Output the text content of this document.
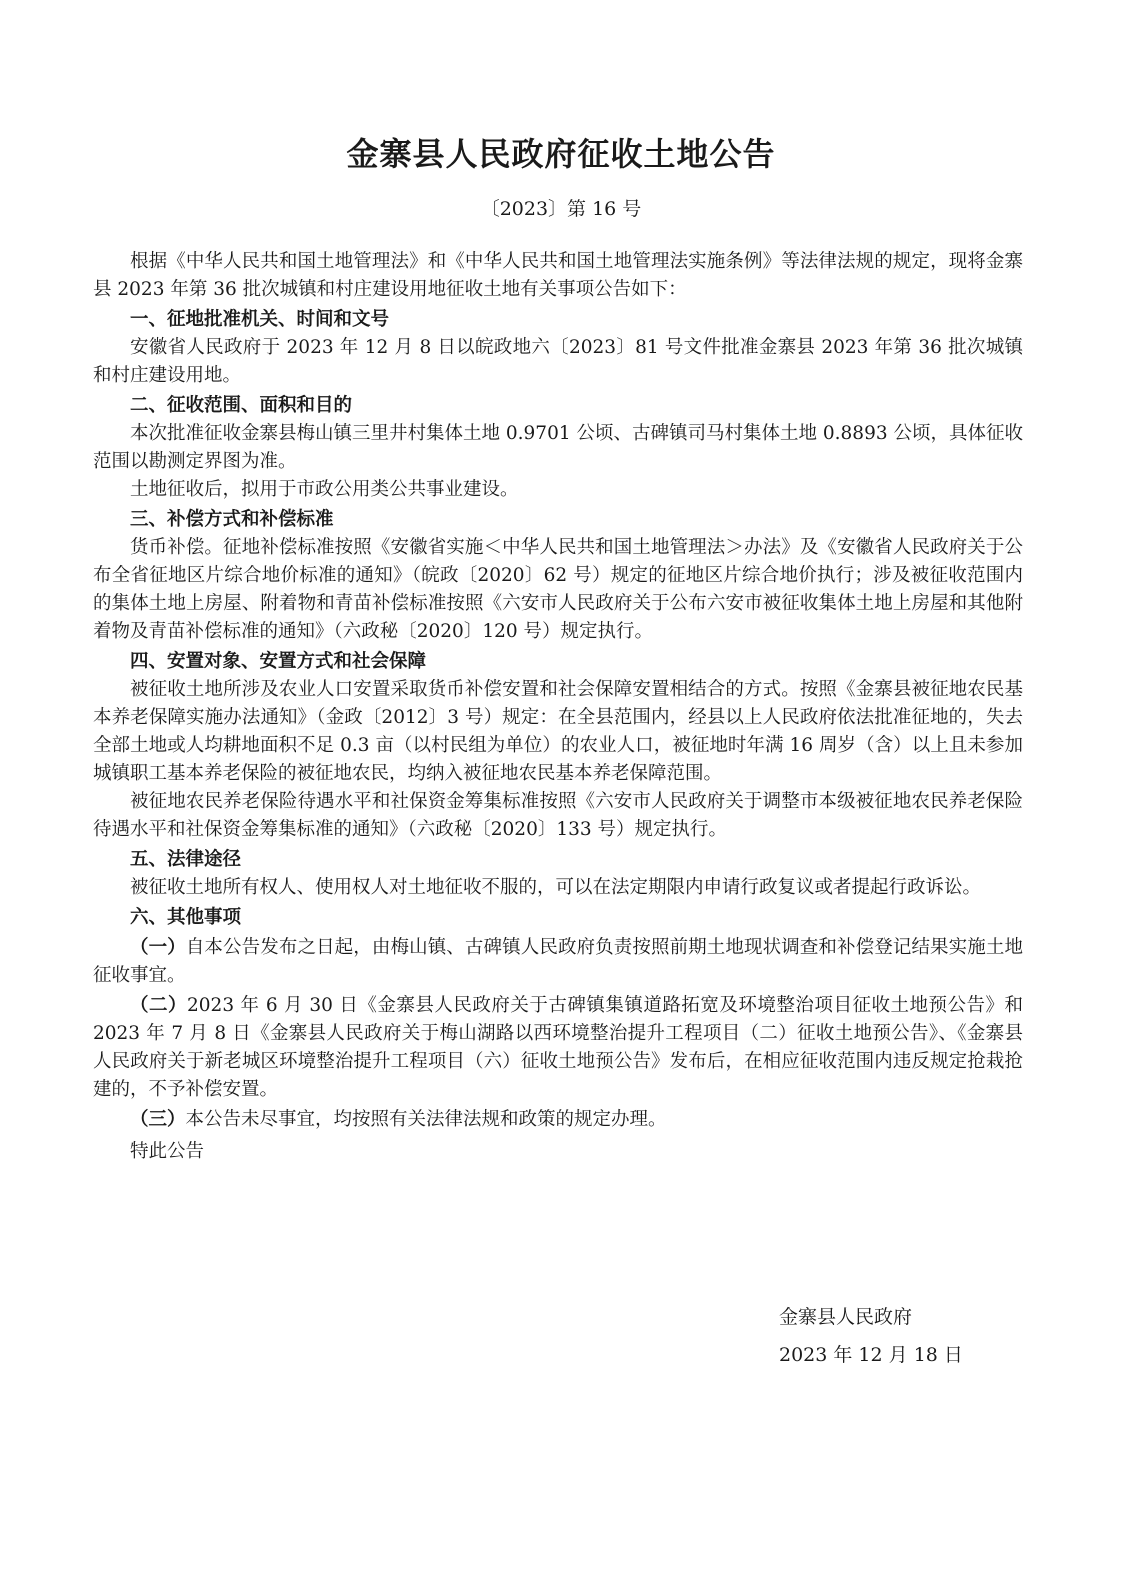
金寨县人民政府征收土地公告
〔2023〕第 16 号

根据《中华人民共和国土地管理法》和《中华人民共和国土地管理法实施条例》等法律法规的规定，现将金寨县 2023 年第 36 批次城镇和村庄建设用地征收土地有关事项公告如下：

一、征地批准机关、时间和文号

安徽省人民政府于 2023 年 12 月 8 日以皖政地六〔2023〕81 号文件批准金寨县 2023 年第 36 批次城镇和村庄建设用地。

二、征收范围、面积和目的

本次批准征收金寨县梅山镇三里井村集体土地 0.9701 公顷、古碑镇司马村集体土地 0.8893 公顷，具体征收范围以勘测定界图为准。

土地征收后，拟用于市政公用类公共事业建设。

三、补偿方式和补偿标准

货币补偿。征地补偿标准按照《安徽省实施＜中华人民共和国土地管理法＞办法》及《安徽省人民政府关于公布全省征地区片综合地价标准的通知》（皖政〔2020〕62 号）规定的征地区片综合地价执行；涉及被征收范围内的集体土地上房屋、附着物和青苗补偿标准按照《六安市人民政府关于公布六安市被征收集体土地上房屋和其他附着物及青苗补偿标准的通知》（六政秘〔2020〕120 号）规定执行。

四、安置对象、安置方式和社会保障

被征收土地所涉及农业人口安置采取货币补偿安置和社会保障安置相结合的方式。按照《金寨县被征地农民基本养老保障实施办法通知》（金政〔2012〕3 号）规定：在全县范围内，经县以上人民政府依法批准征地的，失去全部土地或人均耕地面积不足 0.3 亩（以村民组为单位）的农业人口，被征地时年满 16 周岁（含）以上且未参加城镇职工基本养老保险的被征地农民，均纳入被征地农民基本养老保障范围。

被征地农民养老保险待遇水平和社保资金筹集标准按照《六安市人民政府关于调整市本级被征地农民养老保险待遇水平和社保资金筹集标准的通知》（六政秘〔2020〕133 号）规定执行。

五、法律途径

被征收土地所有权人、使用权人对土地征收不服的，可以在法定期限内申请行政复议或者提起行政诉讼。

六、其他事项

（一）自本公告发布之日起，由梅山镇、古碑镇人民政府负责按照前期土地现状调查和补偿登记结果实施土地征收事宜。

（二）2023 年 6 月 30 日《金寨县人民政府关于古碑镇集镇道路拓宽及环境整治项目征收土地预公告》和 2023 年 7 月 8 日《金寨县人民政府关于梅山湖路以西环境整治提升工程项目（二）征收土地预公告》、《金寨县人民政府关于新老城区环境整治提升工程项目（六）征收土地预公告》发布后，在相应征收范围内违反规定抢栽抢建的，不予补偿安置。

（三）本公告未尽事宜，均按照有关法律法规和政策的规定办理。

特此公告

金寨县人民政府
2023 年 12 月 18 日
